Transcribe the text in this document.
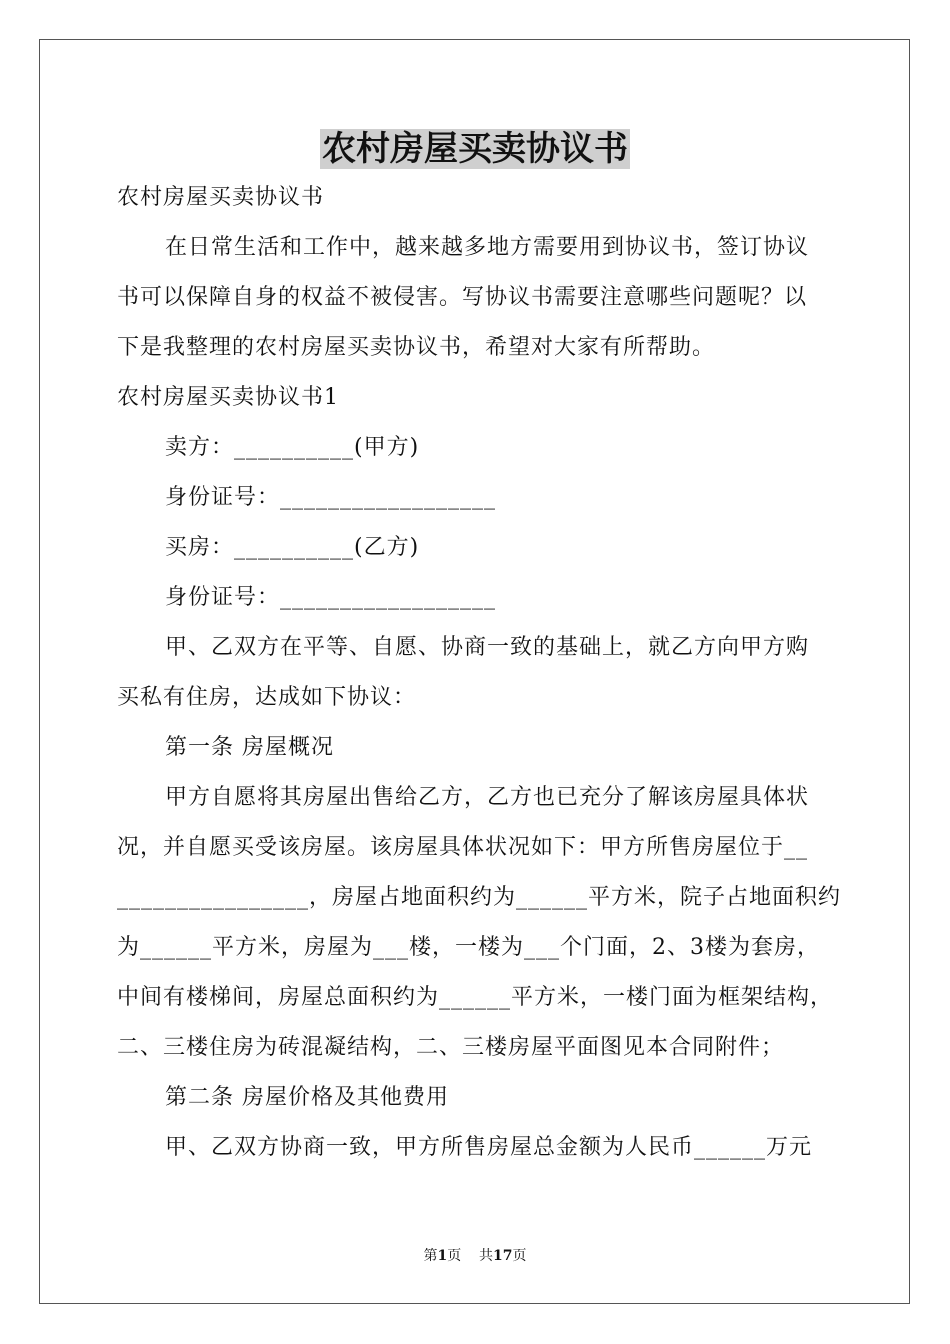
农村房屋买卖协议书
农村房屋买卖协议书
在日常生活和工作中，越来越多地方需要用到协议书，签订协议
书可以保障自身的权益不被侵害。写协议书需要注意哪些问题呢？以
下是我整理的农村房屋买卖协议书，希望对大家有所帮助。
农村房屋买卖协议书1
卖方：__________(甲方)
身份证号：__________________
买房：__________(乙方)
身份证号：__________________
甲、乙双方在平等、自愿、协商一致的基础上，就乙方向甲方购
买私有住房，达成如下协议：
第一条 房屋概况
甲方自愿将其房屋出售给乙方，乙方也已充分了解该房屋具体状
况，并自愿买受该房屋。该房屋具体状况如下：甲方所售房屋位于__
________________，房屋占地面积约为______平方米，院子占地面积约
为______平方米，房屋为___楼，一楼为___个门面，2、3楼为套房，
中间有楼梯间，房屋总面积约为______平方米，一楼门面为框架结构，
二、三楼住房为砖混凝结构，二、三楼房屋平面图见本合同附件；
第二条 房屋价格及其他费用
甲、乙双方协商一致，甲方所售房屋总金额为人民币______万元
第1页 共17页
